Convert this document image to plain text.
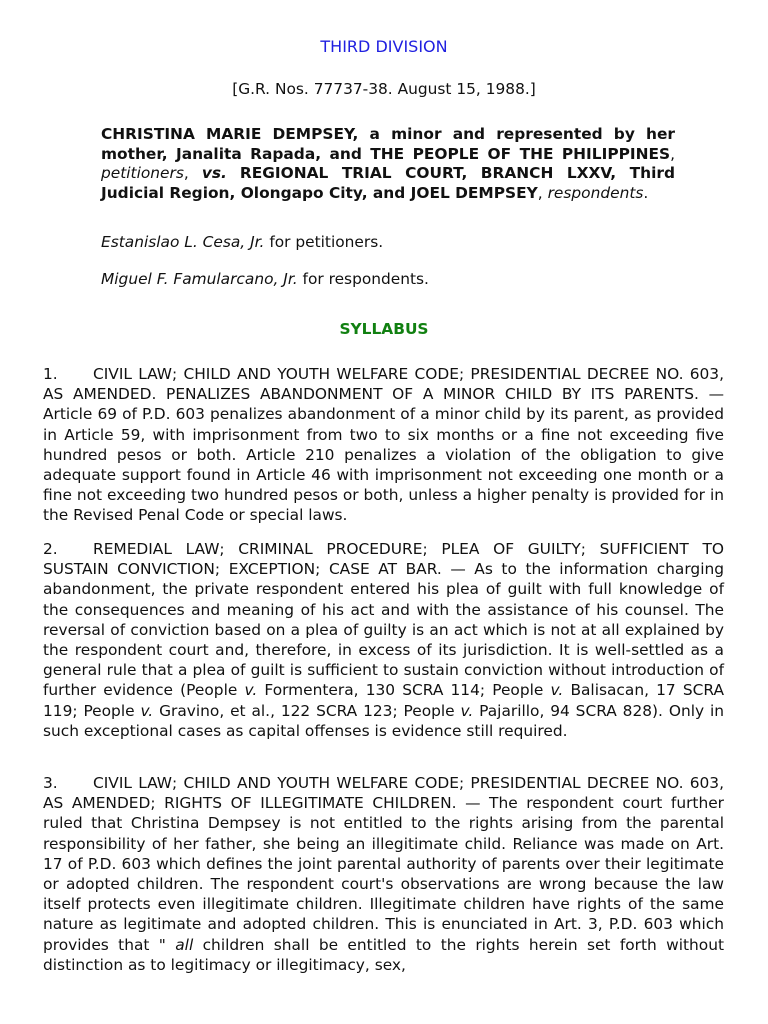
THIRD DIVISION
[G.R. Nos. 77737-38. August 15, 1988.]
CHRISTINA MARIE DEMPSEY, a minor and represented by her mother, Janalita Rapada, and THE PEOPLE OF THE PHILIPPINES, petitioners, vs. REGIONAL TRIAL COURT, BRANCH LXXV, Third Judicial Region, Olongapo City, and JOEL DEMPSEY, respondents.
Estanislao L. Cesa, Jr. for petitioners.
Miguel F. Famularcano, Jr. for respondents.
SYLLABUS
1. CIVIL LAW; CHILD AND YOUTH WELFARE CODE; PRESIDENTIAL DECREE NO. 603, AS AMENDED. PENALIZES ABANDONMENT OF A MINOR CHILD BY ITS PARENTS. — Article 69 of P.D. 603 penalizes abandonment of a minor child by its parent, as provided in Article 59, with imprisonment from two to six months or a fine not exceeding five hundred pesos or both. Article 210 penalizes a violation of the obligation to give adequate support found in Article 46 with imprisonment not exceeding one month or a fine not exceeding two hundred pesos or both, unless a higher penalty is provided for in the Revised Penal Code or special laws.
2. REMEDIAL LAW; CRIMINAL PROCEDURE; PLEA OF GUILTY; SUFFICIENT TO SUSTAIN CONVICTION; EXCEPTION; CASE AT BAR. — As to the information charging abandonment, the private respondent entered his plea of guilt with full knowledge of the consequences and meaning of his act and with the assistance of his counsel. The reversal of conviction based on a plea of guilty is an act which is not at all explained by the respondent court and, therefore, in excess of its jurisdiction. It is well-settled as a general rule that a plea of guilt is sufficient to sustain conviction without introduction of further evidence (People v. Formentera, 130 SCRA 114; People v. Balisacan, 17 SCRA 119; People v. Gravino, et al., 122 SCRA 123; People v. Pajarillo, 94 SCRA 828). Only in such exceptional cases as capital offenses is evidence still required.
3. CIVIL LAW; CHILD AND YOUTH WELFARE CODE; PRESIDENTIAL DECREE NO. 603, AS AMENDED; RIGHTS OF ILLEGITIMATE CHILDREN. — The respondent court further ruled that Christina Dempsey is not entitled to the rights arising from the parental responsibility of her father, she being an illegitimate child. Reliance was made on Art. 17 of P.D. 603 which defines the joint parental authority of parents over their legitimate or adopted children. The respondent court's observations are wrong because the law itself protects even illegitimate children. Illegitimate children have rights of the same nature as legitimate and adopted children. This is enunciated in Art. 3, P.D. 603 which provides that " all children shall be entitled to the rights herein set forth without distinction as to legitimacy or illegitimacy, sex,
